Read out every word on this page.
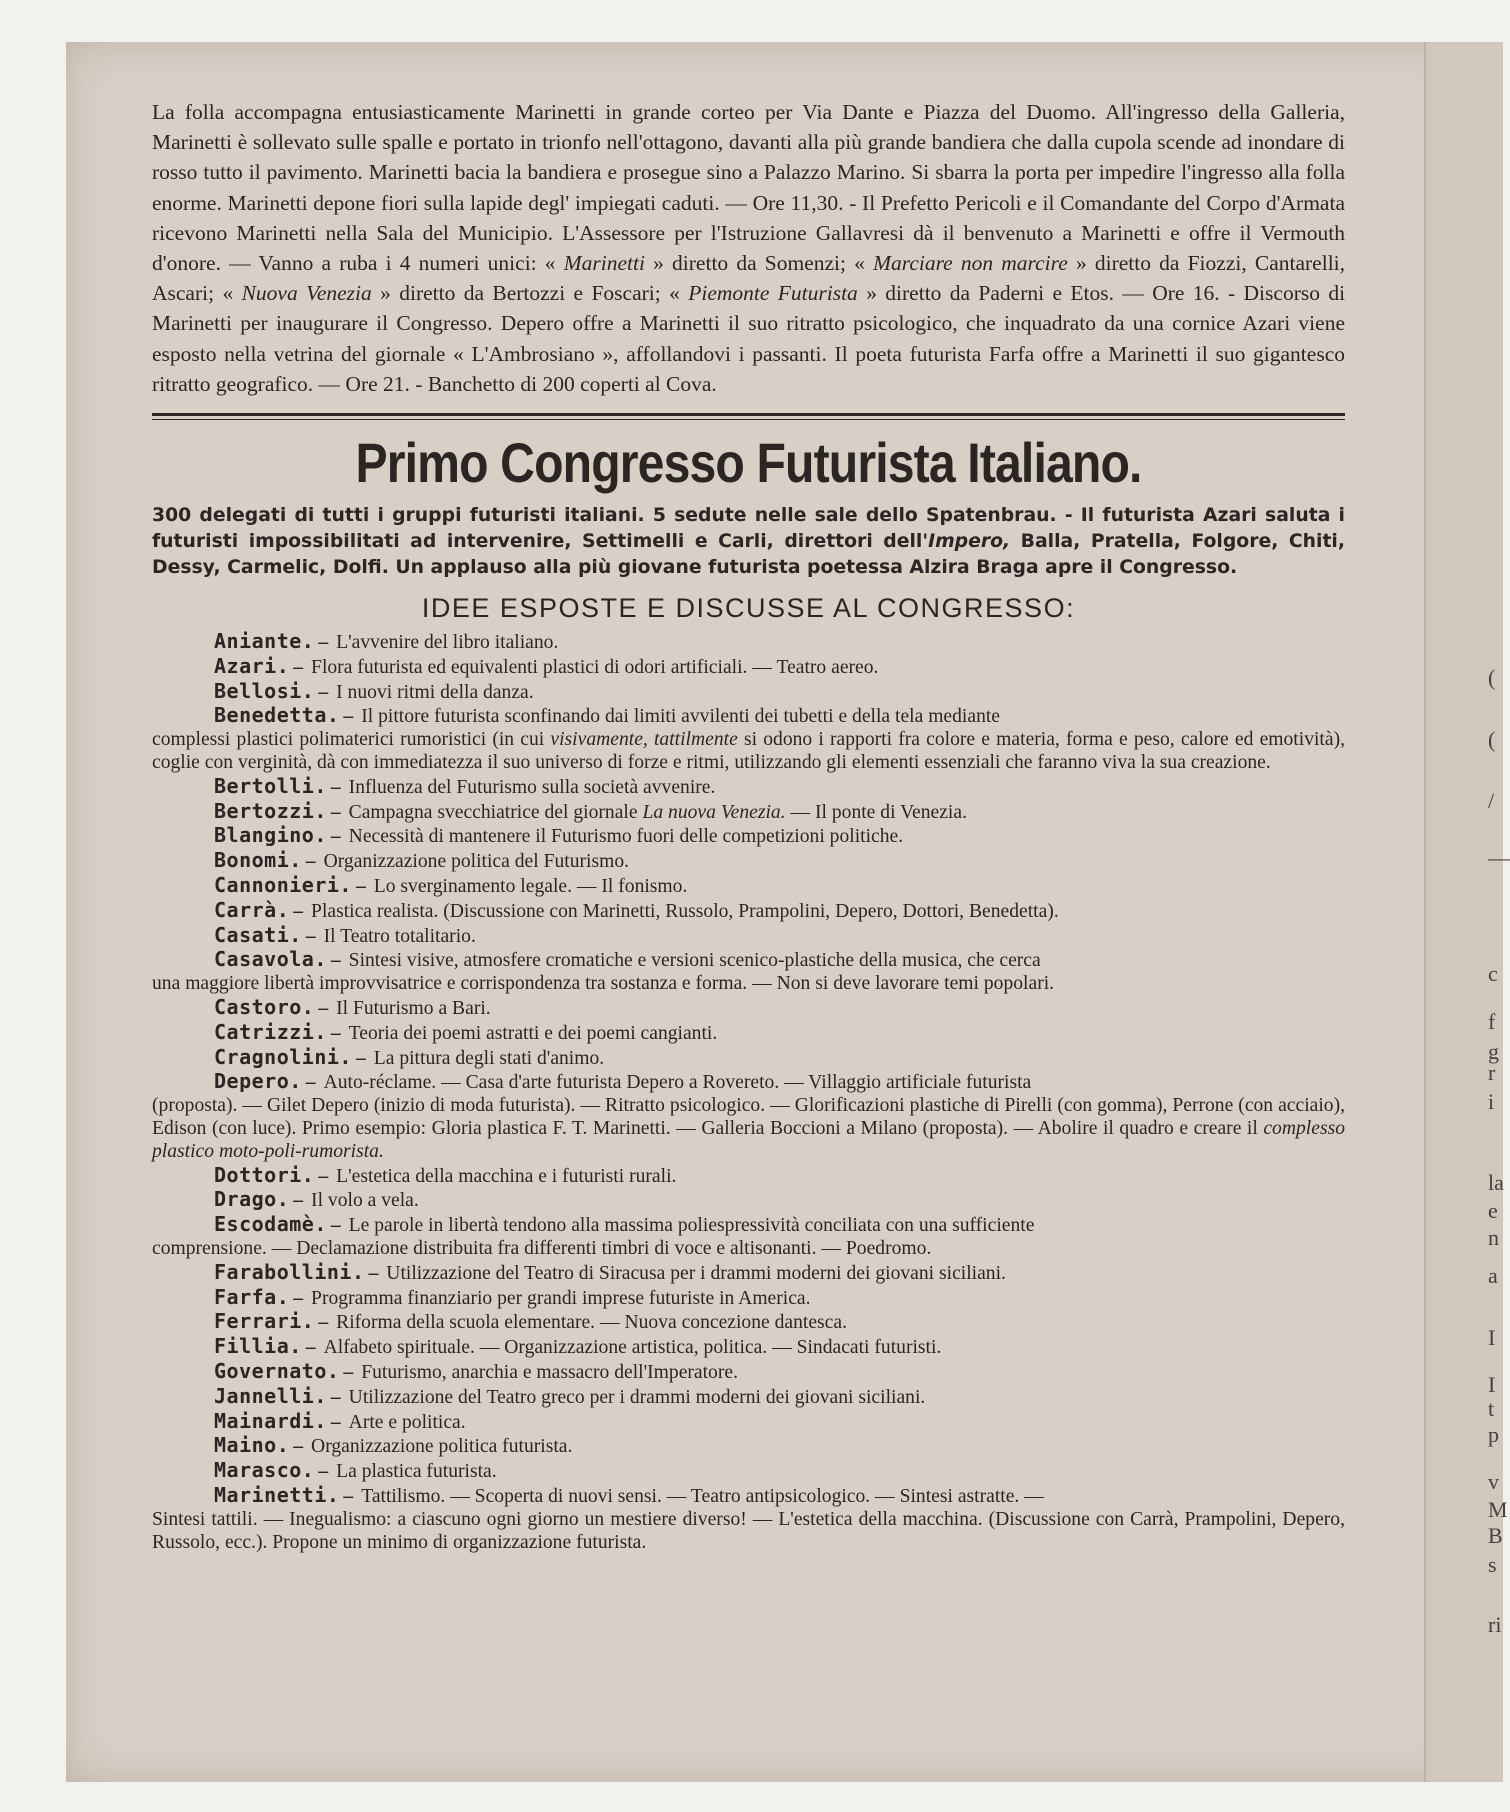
(
(
/
—
c
f
g
r
i
la
e
n
a
I
I
t
p
v
M
B
s
ri

La folla accompagna entusiasticamente Marinetti in grande corteo per Via Dante e Piazza del Duomo. All'ingresso della Galleria, Marinetti è sollevato sulle spalle e portato in trionfo nell'ottagono, davanti alla più grande bandiera che dalla cupola scende ad inondare di rosso tutto il pavimento. Marinetti bacia la bandiera e prosegue sino a Palazzo Marino. Si sbarra la porta per impedire l'ingresso alla folla enorme. Marinetti depone fiori sulla lapide degl' impiegati caduti. — Ore 11,30. - Il Prefetto Pericoli e il Comandante del Corpo d'Armata ricevono Marinetti nella Sala del Municipio. L'Assessore per l'Istruzione Gallavresi dà il benvenuto a Marinetti e offre il Vermouth d'onore. — Vanno a ruba i 4 numeri unici: « Marinetti » diretto da Somenzi; « Marciare non marcire » diretto da Fiozzi, Cantarelli, Ascari; « Nuova Venezia » diretto da Bertozzi e Foscari; « Piemonte Futurista » diretto da Paderni e Etos. — Ore 16. - Discorso di Marinetti per inaugurare il Congresso. Depero offre a Marinetti il suo ritratto psicologico, che inquadrato da una cornice Azari viene esposto nella vetrina del giornale « L'Ambrosiano », affollandovi i passanti. Il poeta futurista Farfa offre a Marinetti il suo gigantesco ritratto geografico. — Ore 21. - Banchetto di 200 coperti al Cova.

Primo Congresso Futurista Italiano.

300 delegati di tutti i gruppi futuristi italiani. 5 sedute nelle sale dello Spatenbrau. - Il futurista Azari saluta i futuristi impossibilitati ad intervenire, Settimelli e Carli, direttori dell'Impero, Balla, Pratella, Folgore, Chiti, Dessy, Carmelic, Dolfi. Un applauso alla più giovane futurista poetessa Alzira Braga apre il Congresso.

IDEE ESPOSTE E DISCUSSE AL CONGRESSO:
Aniante. – L'avvenire del libro italiano.
Azari. – Flora futurista ed equivalenti plastici di odori artificiali. — Teatro aereo.
Bellosi. – I nuovi ritmi della danza.
Benedetta. – Il pittore futurista sconfinando dai limiti avvilenti dei tubetti e della tela mediante
complessi plastici polimaterici rumoristici (in cui visivamente, tattilmente si odono i rapporti fra colore e materia, forma e peso, calore ed emotività), coglie con verginità, dà con immediatezza il suo universo di forze e ritmi, utilizzando gli elementi essenziali che faranno viva la sua creazione.
Bertolli. – Influenza del Futurismo sulla società avvenire.
Bertozzi. – Campagna svecchiatrice del giornale La nuova Venezia. — Il ponte di Venezia.
Blangino. – Necessità di mantenere il Futurismo fuori delle competizioni politiche.
Bonomi. – Organizzazione politica del Futurismo.
Cannonieri. – Lo sverginamento legale. — Il fonismo.
Carrà. – Plastica realista. (Discussione con Marinetti, Russolo, Prampolini, Depero, Dottori, Benedetta).
Casati. – Il Teatro totalitario.
Casavola. – Sintesi visive, atmosfere cromatiche e versioni scenico-plastiche della musica, che cerca
una maggiore libertà improvvisatrice e corrispondenza tra sostanza e forma. — Non si deve lavorare temi popolari.
Castoro. – Il Futurismo a Bari.
Catrizzi. – Teoria dei poemi astratti e dei poemi cangianti.
Cragnolini. – La pittura degli stati d'animo.
Depero. – Auto-réclame. — Casa d'arte futurista Depero a Rovereto. — Villaggio artificiale futurista
(proposta). — Gilet Depero (inizio di moda futurista). — Ritratto psicologico. — Glorificazioni plastiche di Pirelli (con gomma), Perrone (con acciaio), Edison (con luce). Primo esempio: Gloria plastica F. T. Marinetti. — Galleria Boccioni a Milano (proposta). — Abolire il quadro e creare il complesso plastico moto-poli-rumorista.
Dottori. – L'estetica della macchina e i futuristi rurali.
Drago. – Il volo a vela.
Escodamè. – Le parole in libertà tendono alla massima poliespressività conciliata con una sufficiente
comprensione. — Declamazione distribuita fra differenti timbri di voce e altisonanti. — Poedromo.
Farabollini. – Utilizzazione del Teatro di Siracusa per i drammi moderni dei giovani siciliani.
Farfa. – Programma finanziario per grandi imprese futuriste in America.
Ferrari. – Riforma della scuola elementare. — Nuova concezione dantesca.
Fillia. – Alfabeto spirituale. — Organizzazione artistica, politica. — Sindacati futuristi.
Governato. – Futurismo, anarchia e massacro dell'Imperatore.
Jannelli. – Utilizzazione del Teatro greco per i drammi moderni dei giovani siciliani.
Mainardi. – Arte e politica.
Maino. – Organizzazione politica futurista.
Marasco. – La plastica futurista.
Marinetti. – Tattilismo. — Scoperta di nuovi sensi. — Teatro antipsicologico. — Sintesi astratte. —
Sintesi tattili. — Inegualismo: a ciascuno ogni giorno un mestiere diverso! — L'estetica della macchina. (Discussione con Carrà, Prampolini, Depero, Russolo, ecc.). Propone un minimo di organizzazione futurista.
